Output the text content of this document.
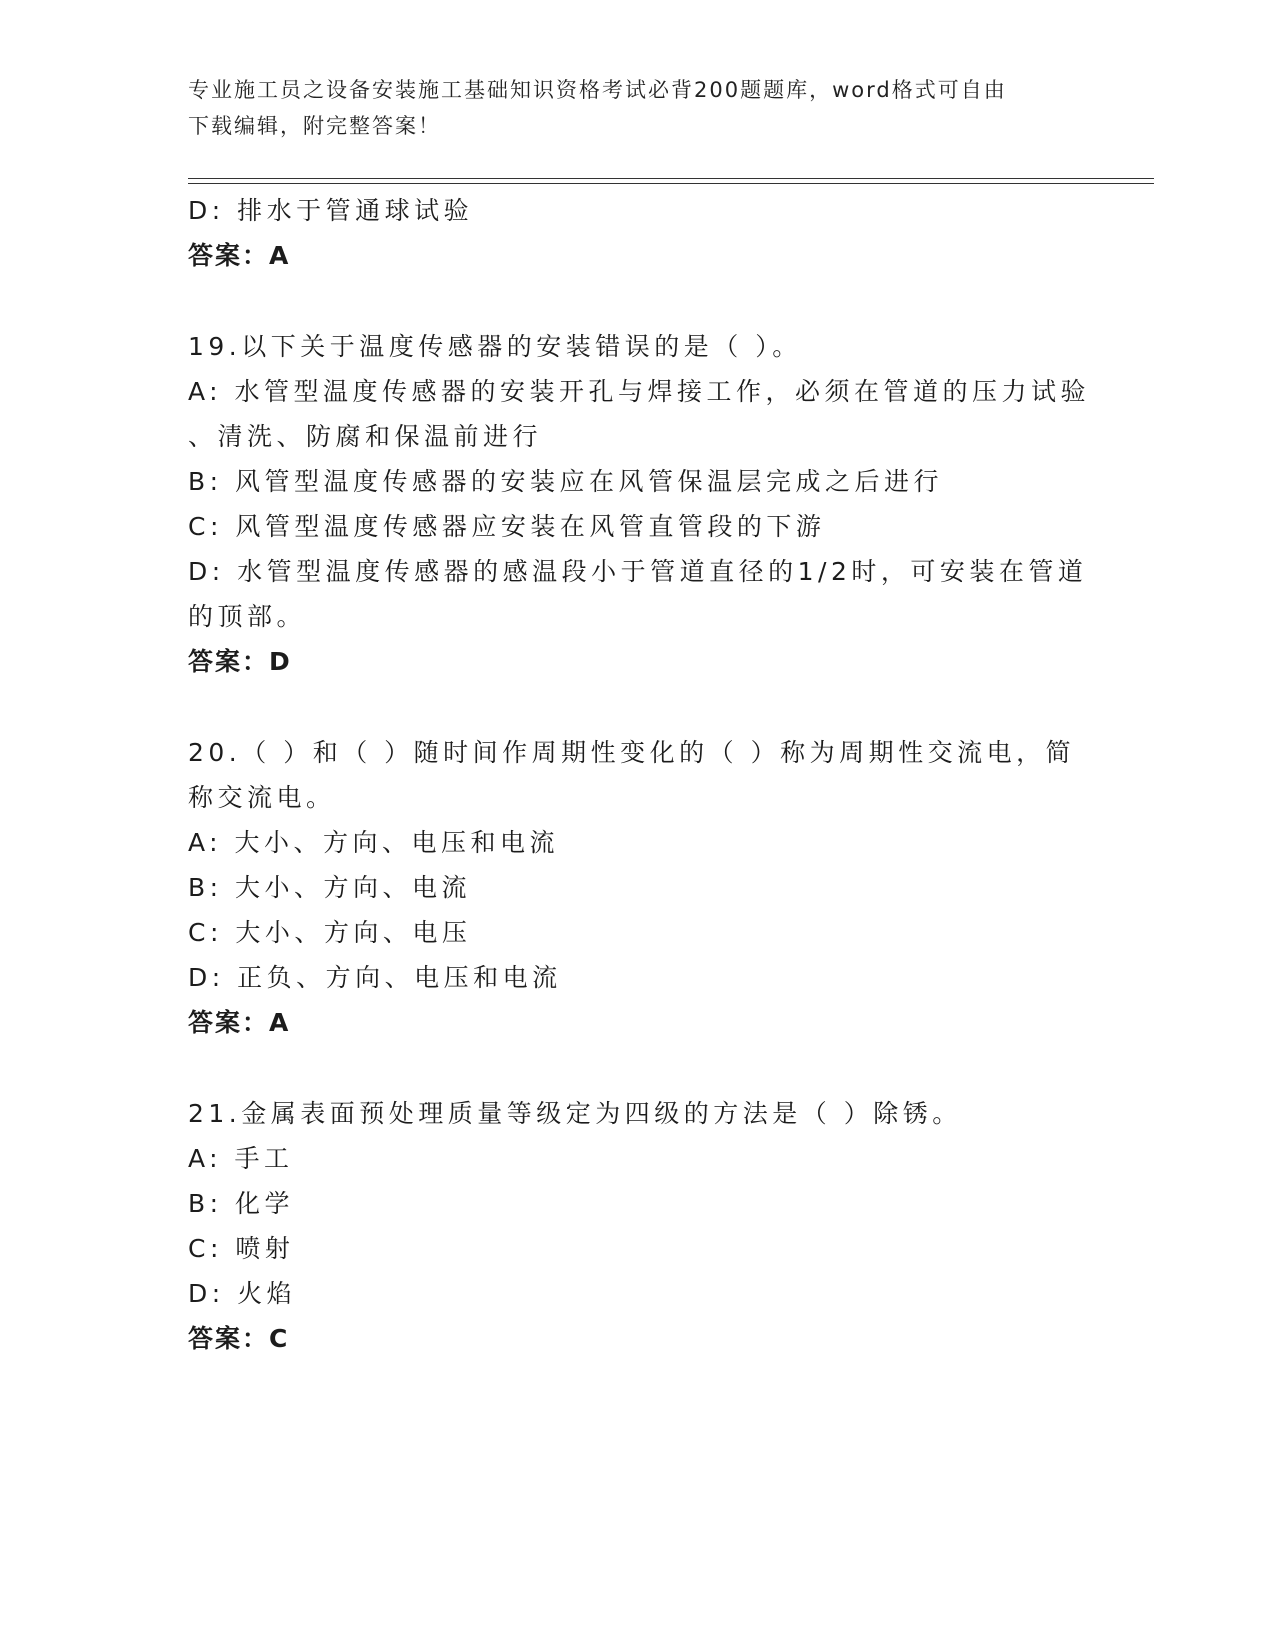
专业施工员之设备安装施工基础知识资格考试必背200题题库，word格式可自由
下载编辑，附完整答案！
D: 排水于管通球试验
答案：A
19.以下关于温度传感器的安装错误的是（ ）。
A: 水管型温度传感器的安装开孔与焊接工作，必须在管道的压力试验
、清洗、防腐和保温前进行
B: 风管型温度传感器的安装应在风管保温层完成之后进行
C: 风管型温度传感器应安装在风管直管段的下游
D: 水管型温度传感器的感温段小于管道直径的1/2时，可安装在管道
的顶部。
答案：D
20.（ ）和（ ）随时间作周期性变化的（ ）称为周期性交流电，简
称交流电。
A: 大小、方向、电压和电流
B: 大小、方向、电流
C: 大小、方向、电压
D: 正负、方向、电压和电流
答案：A
21.金属表面预处理质量等级定为四级的方法是（ ）除锈。
A: 手工
B: 化学
C: 喷射
D: 火焰
答案：C
